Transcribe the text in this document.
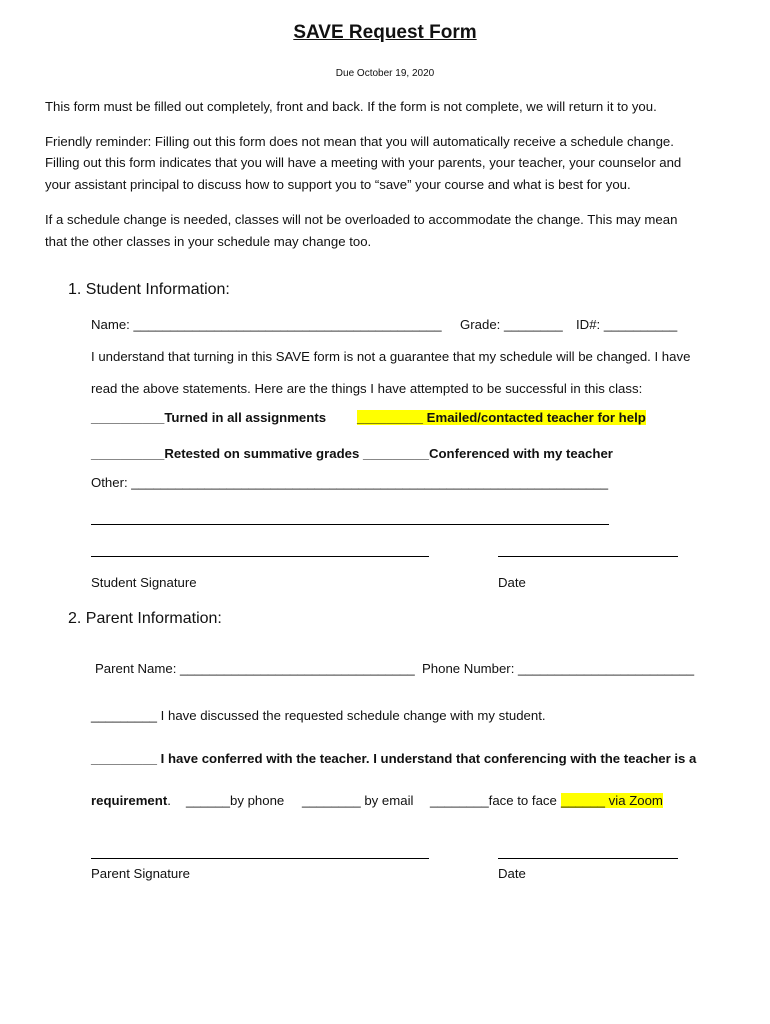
SAVE Request Form
Due October 19, 2020
This form must be filled out completely, front and back. If the form is not complete, we will return it to you.
Friendly reminder: Filling out this form does not mean that you will automatically receive a schedule change.
Filling out this form indicates that you will have a meeting with your parents, your teacher, your counselor and
your assistant principal to discuss how to support you to “save” your course and what is best for you.
If a schedule change is needed, classes will not be overloaded to accommodate the change. This may mean
that the other classes in your schedule may change too.
1. Student Information:
Name: __________________________________________ Grade: ________ ID#: __________
I understand that turning in this SAVE form is not a guarantee that my schedule will be changed. I have
read the above statements. Here are the things I have attempted to be successful in this class:
__________Turned in all assignments _________ Emailed/contacted teacher for help
__________Retested on summative grades _________Conferenced with my teacher
Other: _________________________________________________________________
Student Signature	Date
2. Parent Information:
Parent Name: ________________________________ Phone Number: ________________________
_________ I have discussed the requested schedule change with my student.
_________ I have conferred with the teacher. I understand that conferencing with the teacher is a
requirement. ______by phone ________ by email ________face to face ______ via Zoom
Parent Signature	Date
